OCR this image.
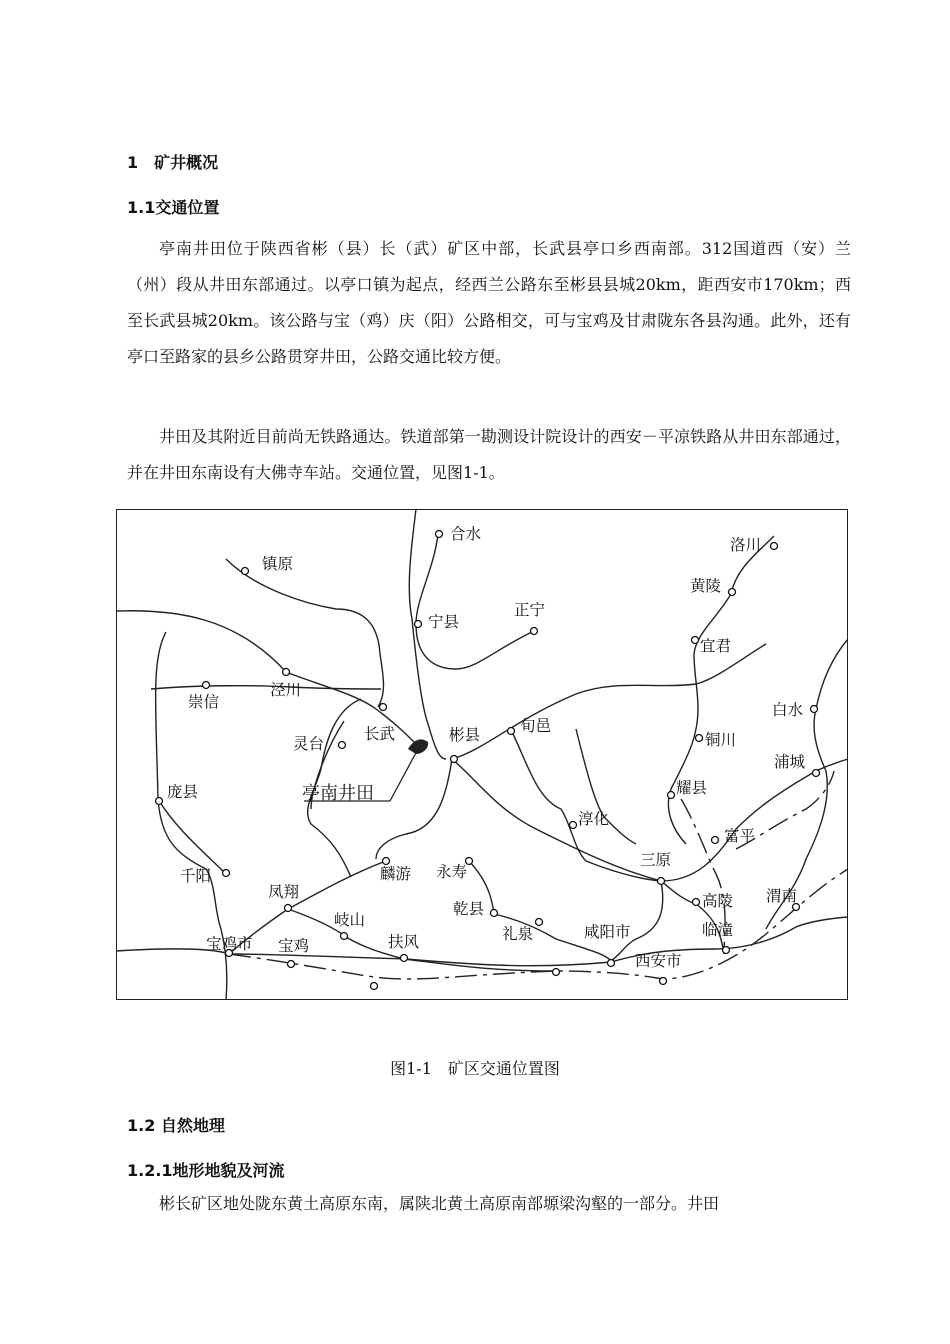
1　矿井概况
1.1交通位置

亭南井田位于陕西省彬（县）长（武）矿区中部，长武县亭口乡西南部。312国道西（安）兰（州）段从井田东部通过。以亭口镇为起点，经西兰公路东至彬县县城20km，距西安市170km；西至长武县城20km。该公路与宝（鸡）庆（阳）公路相交，可与宝鸡及甘肃陇东各县沟通。此外，还有亭口至路家的县乡公路贯穿井田，公路交通比较方便。

井田及其附近目前尚无铁路通达。铁道部第一勘测设计院设计的西安－平凉铁路从井田东部通过，并在井田东南设有大佛寺车站。交通位置，见图1-1。

合水
镇原
洛川
黄陵
宁县
正宁
宜君
崇信
泾川
白水
灵台
长武	彬县	旬邑
铜川
亭南井田
浦城
庞县	耀县
淳化
富平
千阳	麟游 永寿
三原
凤翔	高陵 渭南
岐山
乾县
临潼
宝鸡市 宝鸡	扶风	礼泉	咸阳市
西安市
图1-1　矿区交通位置图
1.2 自然地理
1.2.1地形地貌及河流

彬长矿区地处陇东黄土高原东南，属陕北黄土高原南部塬梁沟壑的一部分。井田
